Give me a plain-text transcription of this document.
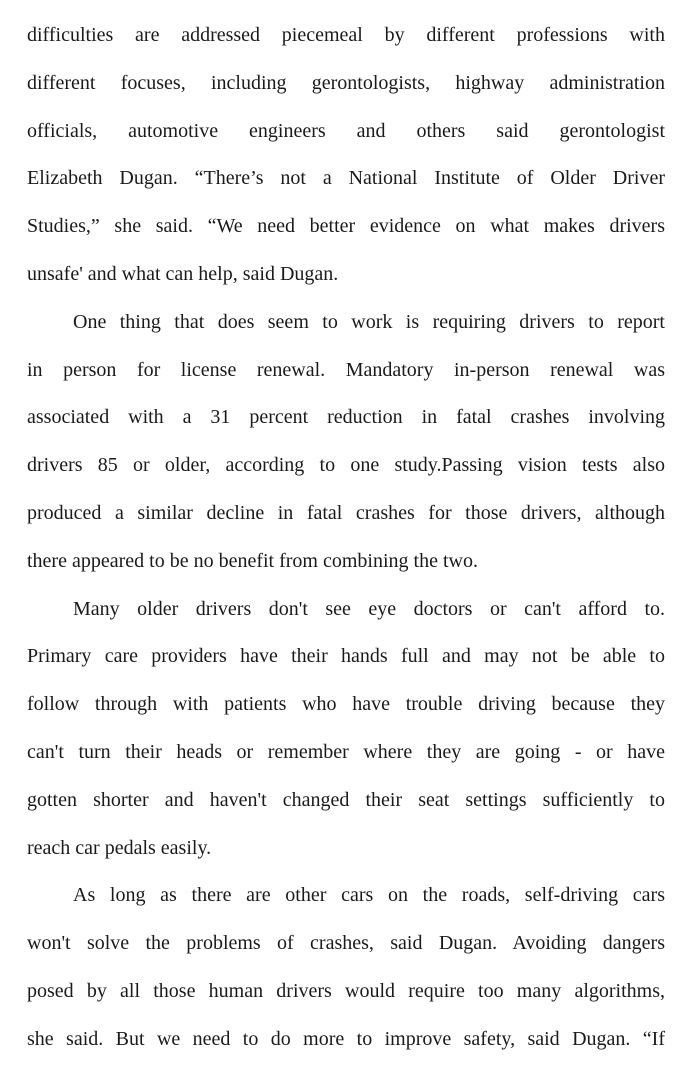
difficulties are addressed piecemeal by different professions with
different focuses, including gerontologists, highway administration
officials, automotive engineers and others said gerontologist
Elizabeth Dugan. “There’s not a National Institute of Older Driver
Studies,” she said. “We need better evidence on what makes drivers
unsafe' and what can help, said Dugan.
One thing that does seem to work is requiring drivers to report
in person for license renewal. Mandatory in-person renewal was
associated with a 31 percent reduction in fatal crashes involving
drivers 85 or older, according to one study.Passing vision tests also
produced a similar decline in fatal crashes for those drivers, although
there appeared to be no benefit from combining the two.
Many older drivers don't see eye doctors or can't afford to.
Primary care providers have their hands full and may not be able to
follow through with patients who have trouble driving because they
can't turn their heads or remember where they are going - or have
gotten shorter and haven't changed their seat settings sufficiently to
reach car pedals easily.
As long as there are other cars on the roads, self-driving cars
won't solve the problems of crashes, said Dugan. Avoiding dangers
posed by all those human drivers would require too many algorithms,
she said. But we need to do more to improve safety, said Dugan. “If
